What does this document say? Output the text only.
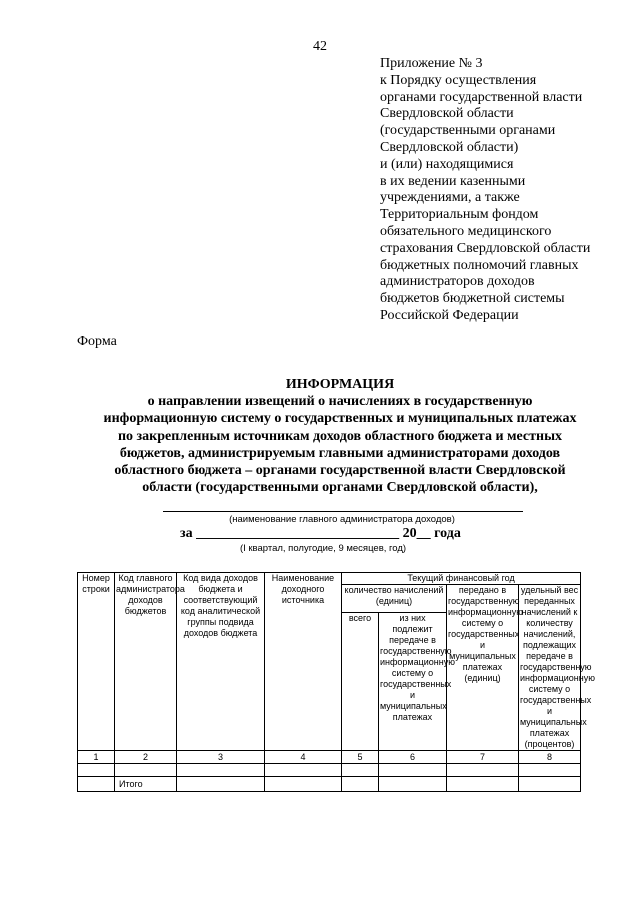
42
Приложение № 3
к Порядку осуществления
органами государственной власти
Свердловской области
(государственными органами
Свердловской области)
и (или) находящимися
в их ведении казенными
учреждениями, а также
Территориальным фондом
обязательного медицинского
страхования Свердловской области
бюджетных полномочий главных
администраторов доходов
бюджетов бюджетной системы
Российской Федерации
Форма
ИНФОРМАЦИЯ
о направлении извещений о начислениях в государственную
информационную систему о государственных и муниципальных платежах
по закрепленным источникам доходов областного бюджета и местных
бюджетов, администрируемым главными администраторами доходов
областного бюджета – органами государственной власти Свердловской
области (государственными органами Свердловской области),
(наименование главного администратора доходов)
за _____________________________ 20__ года
(I квартал, полугодие, 9 месяцев, год)
Номер строки	Код главного администратора доходов бюджетов	Код вида доходов бюджета и соответствующий код аналитической группы подвида доходов бюджета	Наименование доходного источника	Текущий финансовый год			
				количество начислений (единиц)		передано в государственную информационную систему о государственных и муниципальных платежах (единиц)	удельный вес переданных начислений к количеству начислений, подлежащих передаче в государственную информационную систему о государственных и муниципальных платежах (процентов)
				всего	из них подлежит передаче в государственную информационную систему о государственных и муниципальных платежах		
1	2	3	4	5	6	7	8

	Итого						
